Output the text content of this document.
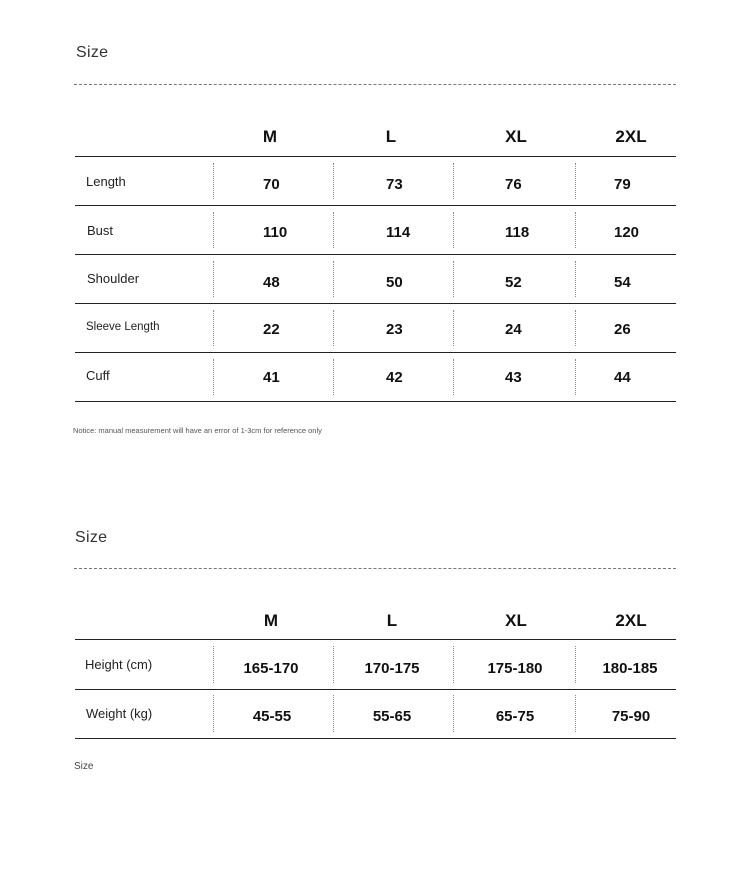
Size
M	L	XL	2XL
Length	70	73	76	79
Bust	110	114	118	120
Shoulder	48	50	52	54
Sleeve Length	22	23	24	26
Cuff	41	42	43	44
Notice: manual measurement will have an error of 1-3cm for reference only
Size
M	L	XL	2XL
Height (cm)	165-170	170-175	175-180	180-185
Weight (kg)	45-55	55-65	65-75	75-90
Size
